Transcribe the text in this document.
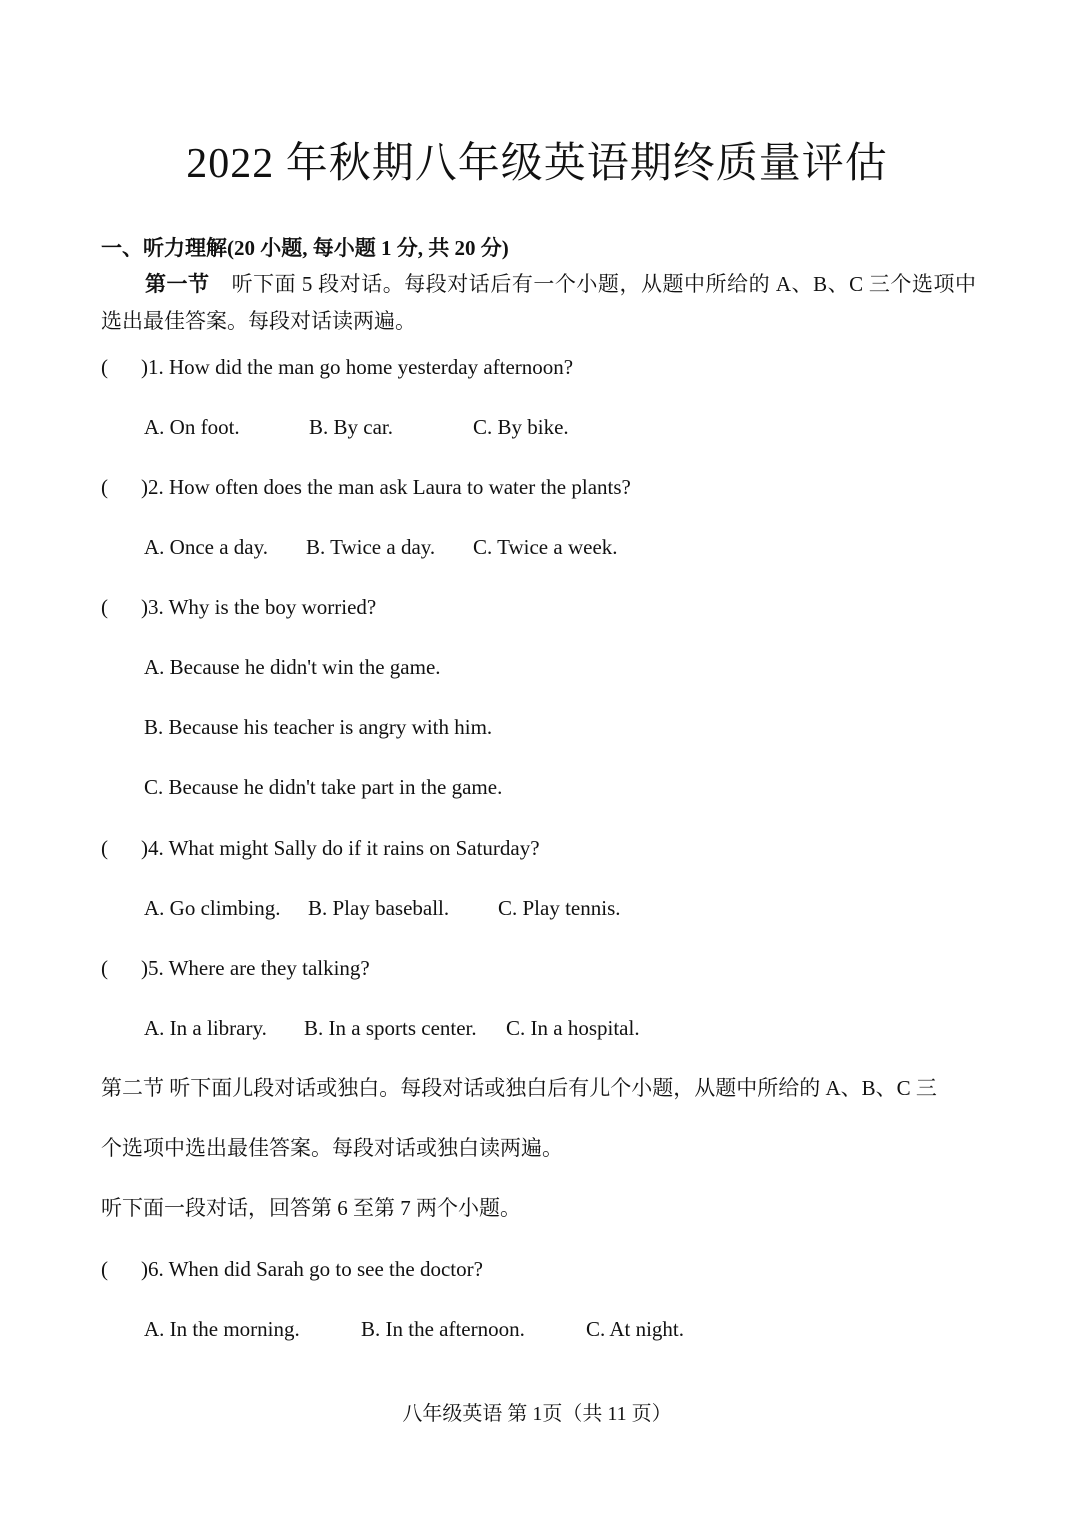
2022 年秋期八年级英语期终质量评估
一、听力理解(20 小题, 每小题 1 分, 共 20 分)
第一节 听下面 5 段对话。每段对话后有一个小题，从题中所给的 A、B、C 三个选项中选出最佳答案。每段对话读两遍。
( )1. How did the man go home yesterday afternoon?
A. On foot.	B. By car.	C. By bike.
( )2. How often does the man ask Laura to water the plants?
A. Once a day. B. Twice a day. C. Twice a week.
( )3. Why is the boy worried?
A. Because he didn't win the game.
B. Because his teacher is angry with him.
C. Because he didn't take part in the game.
( )4. What might Sally do if it rains on Saturday?
A. Go climbing. B. Play baseball. C. Play tennis.
( )5. Where are they talking?
A. In a library. B. In a sports center. C. In a hospital.
第二节 听下面儿段对话或独白。每段对话或独白后有儿个小题，从题中所给的 A、B、C 三
个选项中选出最佳答案。每段对话或独白读两遍。
听下面一段对话，回答第 6 至第 7 两个小题。
( )6. When did Sarah go to see the doctor?
A. In the morning.	B. In the afternoon.	C. At night.
八年级英语 第 1页（共 11 页）
